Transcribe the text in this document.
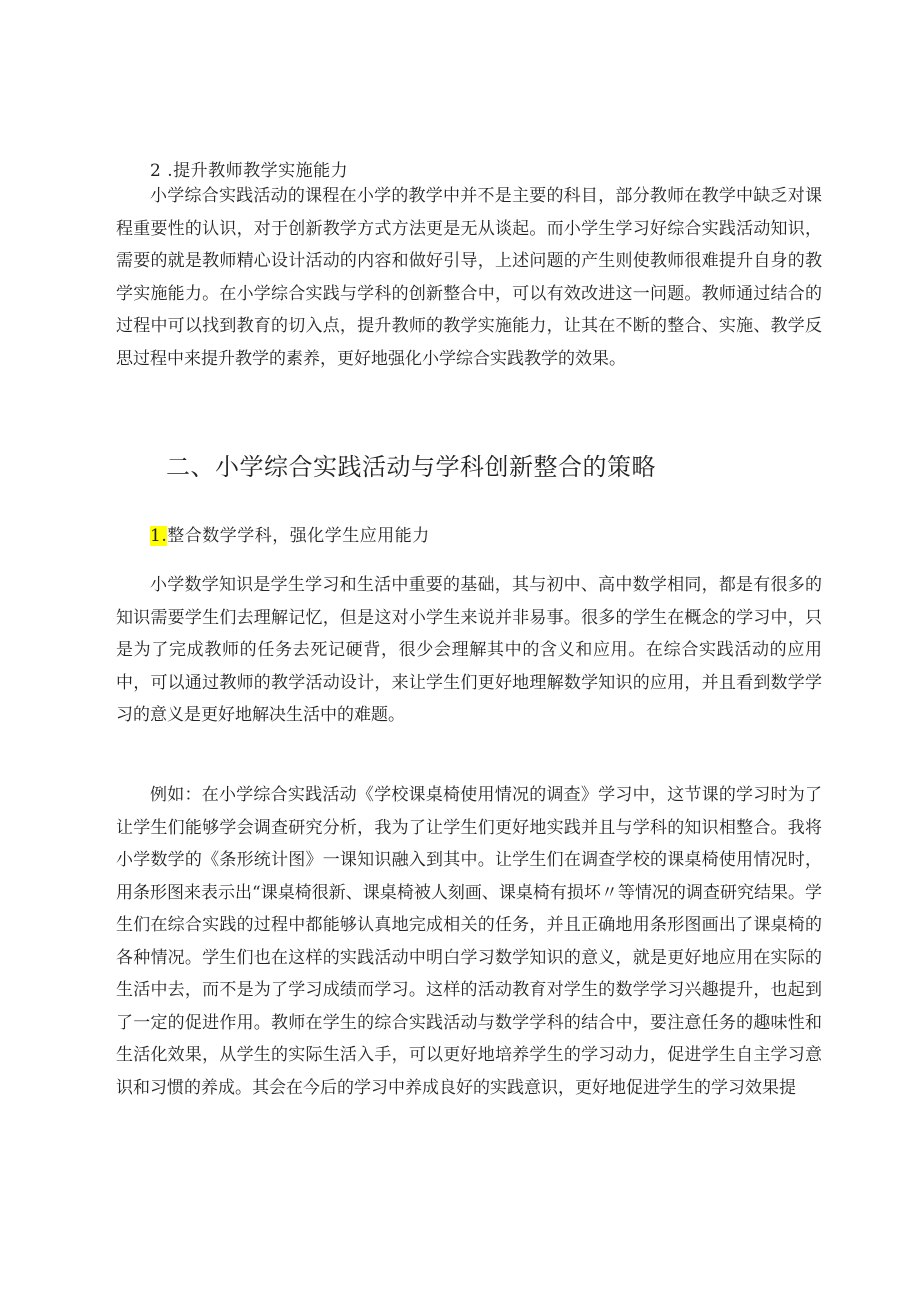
2 .提升教师教学实施能力

小学综合实践活动的课程在小学的教学中并不是主要的科目，部分教师在教学中缺乏对课程重要性的认识，对于创新教学方式方法更是无从谈起。而小学生学习好综合实践活动知识，需要的就是教师精心设计活动的内容和做好引导，上述问题的产生则使教师很难提升自身的教学实施能力。在小学综合实践与学科的创新整合中，可以有效改进这一问题。教师通过结合的过程中可以找到教育的切入点，提升教师的教学实施能力，让其在不断的整合、实施、教学反思过程中来提升教学的素养，更好地强化小学综合实践教学的效果。

二、小学综合实践活动与学科创新整合的策略
1.整合数学学科，强化学生应用能力

小学数学知识是学生学习和生活中重要的基础，其与初中、高中数学相同，都是有很多的知识需要学生们去理解记忆，但是这对小学生来说并非易事。很多的学生在概念的学习中，只是为了完成教师的任务去死记硬背，很少会理解其中的含义和应用。在综合实践活动的应用中，可以通过教师的教学活动设计，来让学生们更好地理解数学知识的应用，并且看到数学学习的意义是更好地解决生活中的难题。

例如：在小学综合实践活动《学校课桌椅使用情况的调查》学习中，这节课的学习时为了让学生们能够学会调查研究分析，我为了让学生们更好地实践并且与学科的知识相整合。我将小学数学的《条形统计图》一课知识融入到其中。让学生们在调查学校的课桌椅使用情况时，用条形图来表示出“课桌椅很新、课桌椅被人刻画、课桌椅有损坏〃等情况的调查研究结果。学生们在综合实践的过程中都能够认真地完成相关的任务，并且正确地用条形图画出了课桌椅的各种情况。学生们也在这样的实践活动中明白学习数学知识的意义，就是更好地应用在实际的生活中去，而不是为了学习成绩而学习。这样的活动教育对学生的数学学习兴趣提升，也起到了一定的促进作用。教师在学生的综合实践活动与数学学科的结合中，要注意任务的趣味性和生活化效果，从学生的实际生活入手，可以更好地培养学生的学习动力，促进学生自主学习意识和习惯的养成。其会在今后的学习中养成良好的实践意识，更好地促进学生的学习效果提
